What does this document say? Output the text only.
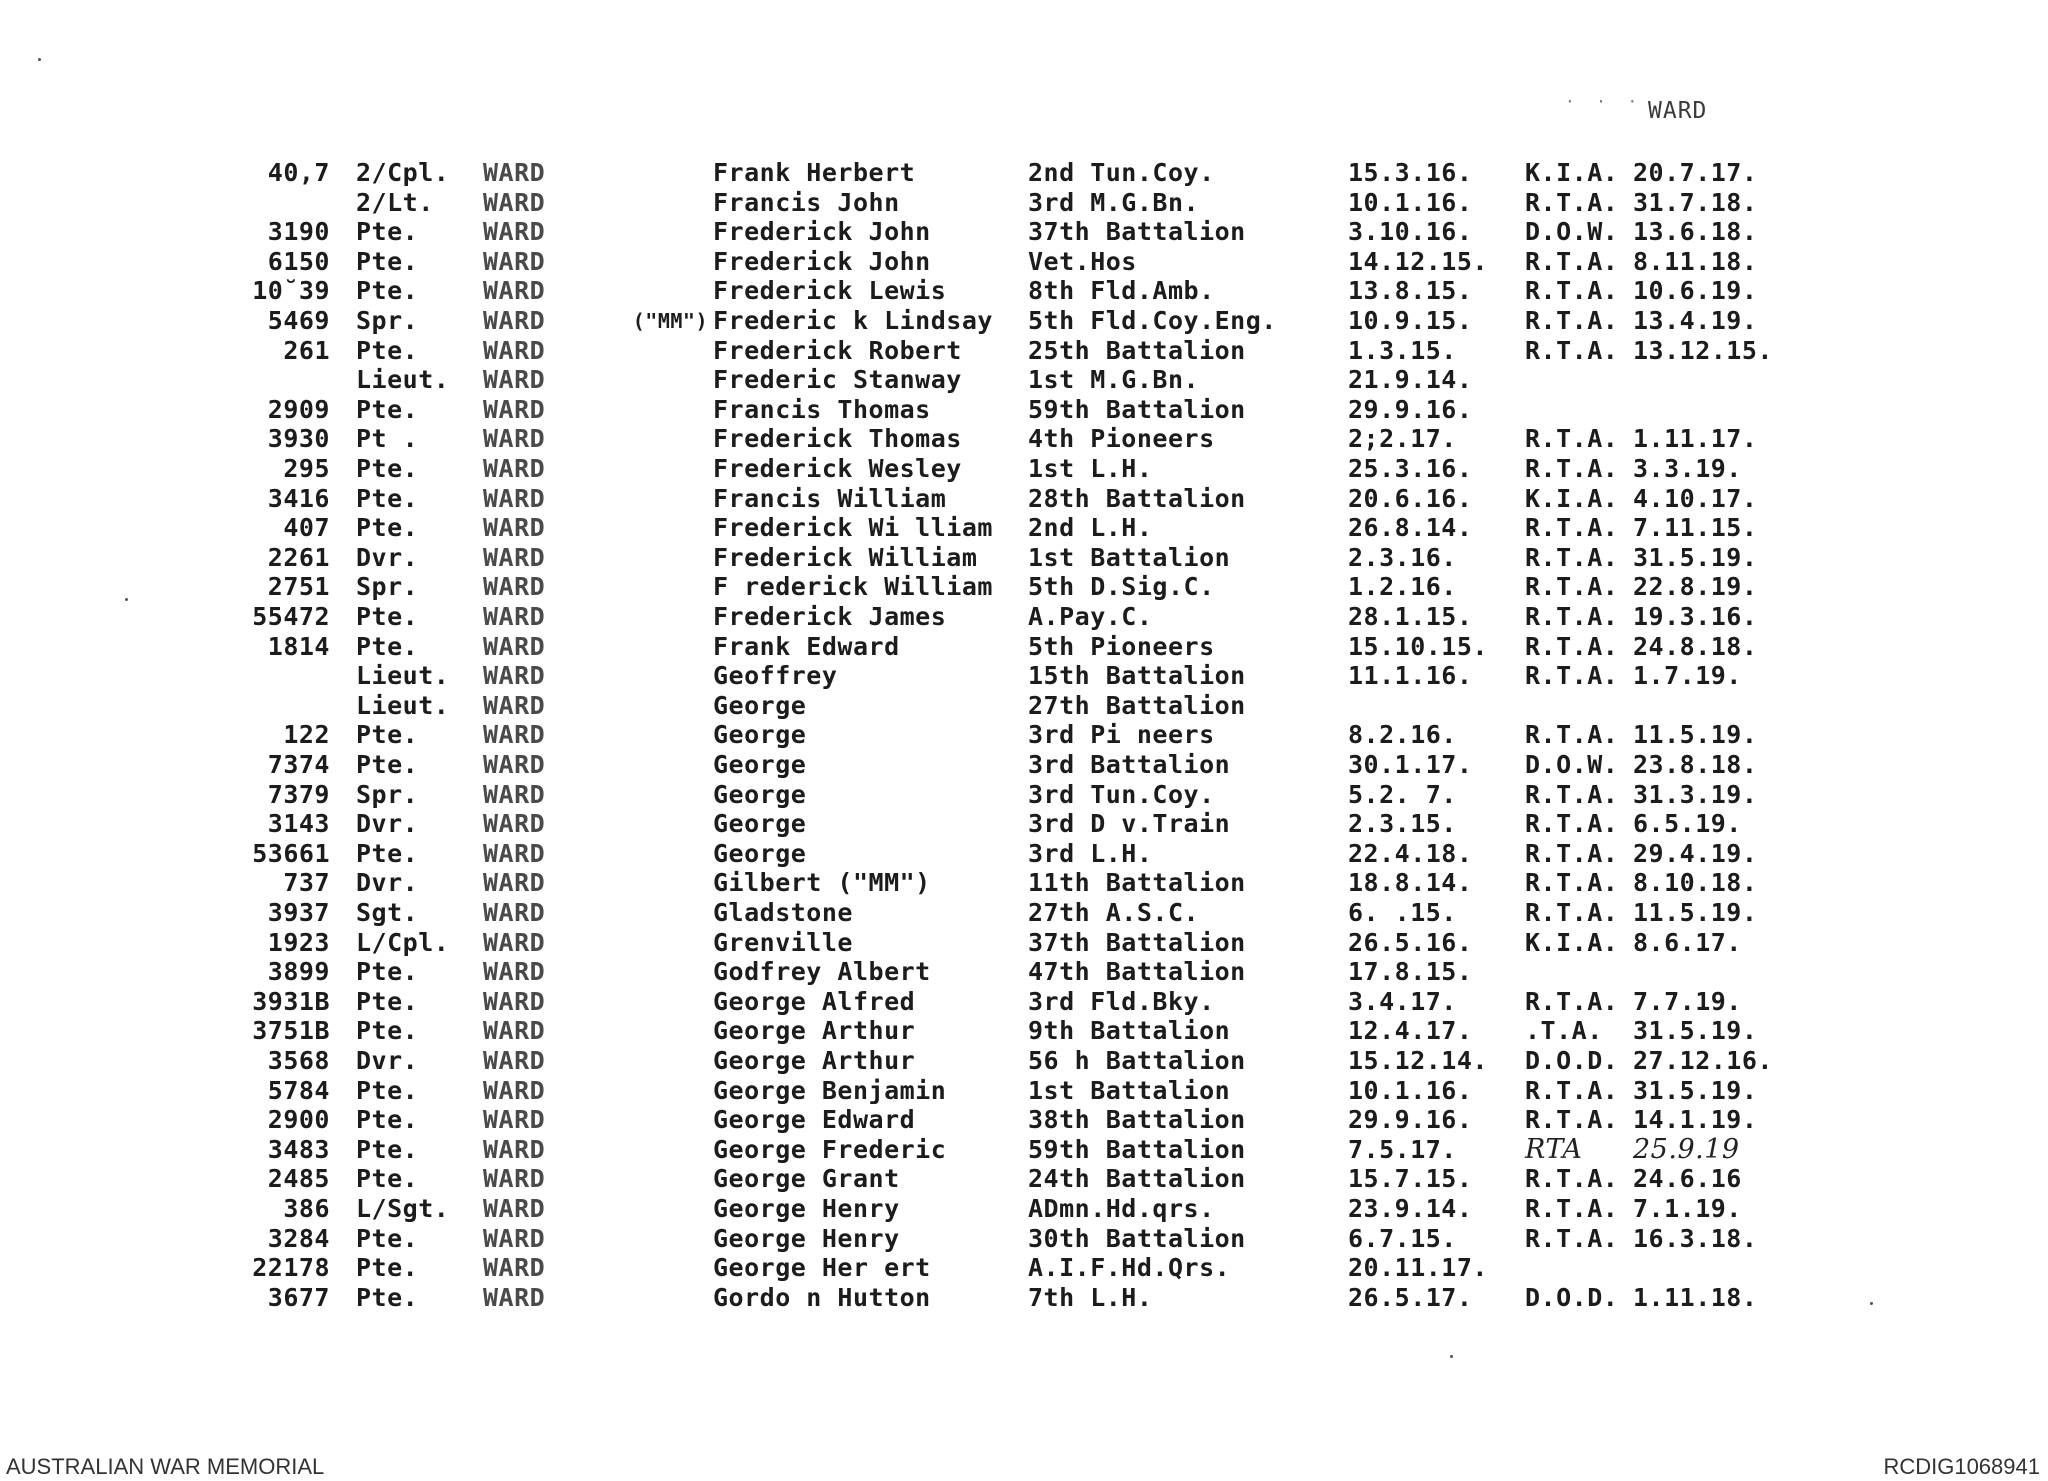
· · · WARD
40,7 2/Cpl. WARD	Frank Herbert	2nd Tun.Coy.	15.3.16. K.I.A. 20.7.17.
2/Lt. WARD	Francis John	3rd M.G.Bn.	10.1.16. R.T.A. 31.7.18.
3190 Pte.	WARD	Frederick John	37th Battalion	3.10.16. D.O.W. 13.6.18.
6150 Pte.	WARD	Frederick John	Vet.Hos	14.12.15. R.T.A. 8.11.18.
10˘39 Pte.	WARD	Frederick Lewis	8th Fld.Amb.	13.8.15. R.T.A. 10.6.19.
5469 Spr.	WARD	("MM") Frederic k Lindsay 5th Fld.Coy.Eng.	10.9.15. R.T.A. 13.4.19.
261 Pte.	WARD	Frederick Robert	25th Battalion	1.3.15.	R.T.A. 13.12.15.
Lieut. WARD	Frederic Stanway	1st M.G.Bn.	21.9.14.
2909 Pte.	WARD	Francis Thomas	59th Battalion	29.9.16.
3930 Pt .	WARD	Frederick Thomas	4th Pioneers	2;2.17.	R.T.A. 1.11.17.
295 Pte.	WARD	Frederick Wesley	1st L.H.	25.3.16. R.T.A. 3.3.19.
3416 Pte.	WARD	Francis William	28th Battalion	20.6.16. K.I.A. 4.10.17.
407 Pte.	WARD	Frederick Wi lliam 2nd L.H.	26.8.14. R.T.A. 7.11.15.
2261 Dvr.	WARD	Frederick William 1st Battalion	2.3.16.	R.T.A. 31.5.19.
2751 Spr.	WARD	F rederick William 5th D.Sig.C.	1.2.16.	R.T.A. 22.8.19.
55472 Pte.	WARD	Frederick James	A.Pay.C.	28.1.15. R.T.A. 19.3.16.
1814 Pte.	WARD	Frank Edward	5th Pioneers	15.10.15. R.T.A. 24.8.18.
Lieut. WARD	Geoffrey	15th Battalion	11.1.16. R.T.A. 1.7.19.
Lieut. WARD	George	27th Battalion
122 Pte.	WARD	George	3rd Pi neers	8.2.16.	R.T.A. 11.5.19.
7374 Pte.	WARD	George	3rd Battalion	30.1.17. D.O.W. 23.8.18.
7379 Spr.	WARD	George	3rd Tun.Coy.	5.2. 7.	R.T.A. 31.3.19.
3143 Dvr.	WARD	George	3rd D v.Train	2.3.15.	R.T.A. 6.5.19.
53661 Pte.	WARD	George	3rd L.H.	22.4.18. R.T.A. 29.4.19.
737 Dvr.	WARD	Gilbert ("MM")	11th Battalion	18.8.14. R.T.A. 8.10.18.
3937 Sgt.	WARD	Gladstone	27th A.S.C.	6. .15.	R.T.A. 11.5.19.
1923 L/Cpl. WARD	Grenville	37th Battalion	26.5.16. K.I.A. 8.6.17.
3899 Pte.	WARD	Godfrey Albert	47th Battalion	17.8.15.
3931B Pte.	WARD	George Alfred	3rd Fld.Bky.	3.4.17.	R.T.A. 7.7.19.
3751B Pte.	WARD	George Arthur	9th Battalion	12.4.17. .T.A. 31.5.19.
3568 Dvr.	WARD	George Arthur	56 h Battalion	15.12.14. D.O.D. 27.12.16.
5784 Pte.	WARD	George Benjamin	1st Battalion	10.1.16. R.T.A. 31.5.19.
2900 Pte.	WARD	George Edward	38th Battalion	29.9.16. R.T.A. 14.1.19.
3483 Pte.	WARD	George Frederic	59th Battalion	7.5.17.	RTA 25.9.19
2485 Pte.	WARD	George Grant	24th Battalion	15.7.15. R.T.A. 24.6.16
386 L/Sgt. WARD	George Henry	ADmn.Hd.qrs.	23.9.14. R.T.A. 7.1.19.
3284 Pte.	WARD	George Henry	30th Battalion	6.7.15.	R.T.A. 16.3.18.
22178 Pte.	WARD	George Her ert	A.I.F.Hd.Qrs.	20.11.17.
3677 Pte.	WARD	Gordo n Hutton	7th L.H.	26.5.17. D.O.D. 1.11.18.
AUSTRALIAN WAR MEMORIAL	RCDIG1068941
